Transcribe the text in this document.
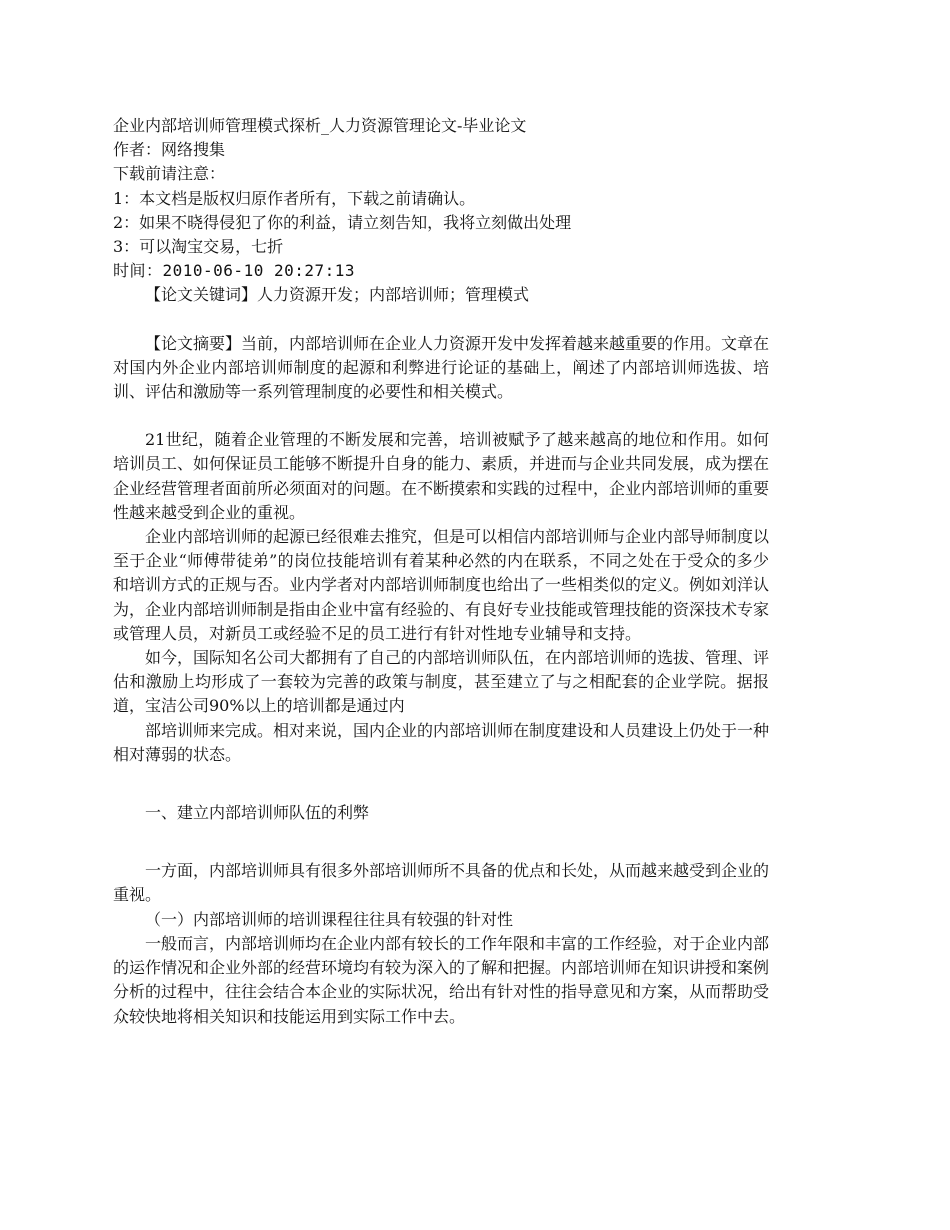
企业内部培训师管理模式探析_人力资源管理论文-毕业论文
作者：网络搜集
下载前请注意：
1：本文档是版权归原作者所有，下载之前请确认。
2：如果不晓得侵犯了你的利益，请立刻告知，我将立刻做出处理
3：可以淘宝交易，七折
时间：2010-06-10 20:27:13
【论文关键词】人力资源开发；内部培训师；管理模式
【论文摘要】当前，内部培训师在企业人力资源开发中发挥着越来越重要的作用。文章在对国内外企业内部培训师制度的起源和利弊进行论证的基础上，阐述了内部培训师选拔、培训、评估和激励等一系列管理制度的必要性和相关模式。
21世纪，随着企业管理的不断发展和完善，培训被赋予了越来越高的地位和作用。如何培训员工、如何保证员工能够不断提升自身的能力、素质，并进而与企业共同发展，成为摆在企业经营管理者面前所必须面对的问题。在不断摸索和实践的过程中，企业内部培训师的重要性越来越受到企业的重视。
企业内部培训师的起源已经很难去推究，但是可以相信内部培训师与企业内部导师制度以至于企业“师傅带徒弟”的岗位技能培训有着某种必然的内在联系，不同之处在于受众的多少和培训方式的正规与否。业内学者对内部培训师制度也给出了一些相类似的定义。例如刘洋认为，企业内部培训师制是指由企业中富有经验的、有良好专业技能或管理技能的资深技术专家或管理人员，对新员工或经验不足的员工进行有针对性地专业辅导和支持。
如今，国际知名公司大都拥有了自己的内部培训师队伍，在内部培训师的选拔、管理、评估和激励上均形成了一套较为完善的政策与制度，甚至建立了与之相配套的企业学院。据报道，宝洁公司90%以上的培训都是通过内
部培训师来完成。相对来说，国内企业的内部培训师在制度建设和人员建设上仍处于一种相对薄弱的状态。
一、建立内部培训师队伍的利弊
一方面，内部培训师具有很多外部培训师所不具备的优点和长处，从而越来越受到企业的重视。
（一）内部培训师的培训课程往往具有较强的针对性
一般而言，内部培训师均在企业内部有较长的工作年限和丰富的工作经验，对于企业内部的运作情况和企业外部的经营环境均有较为深入的了解和把握。内部培训师在知识讲授和案例分析的过程中，往往会结合本企业的实际状况，给出有针对性的指导意见和方案，从而帮助受众较快地将相关知识和技能运用到实际工作中去。
